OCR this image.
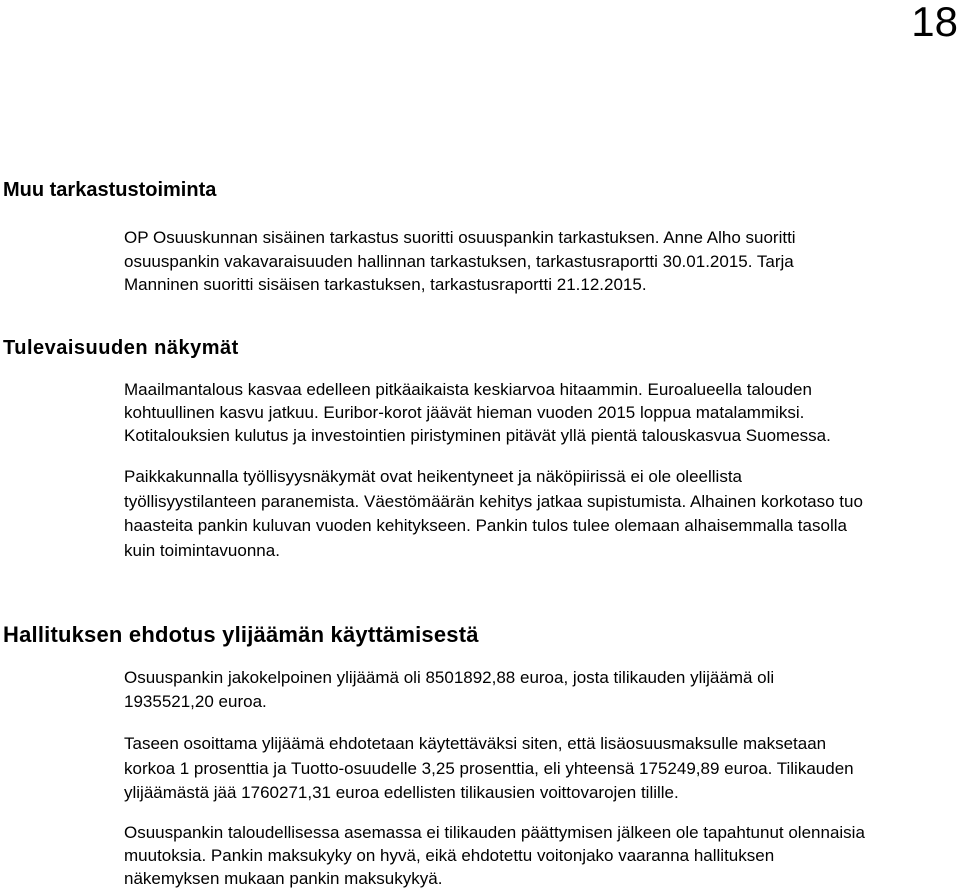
18
Muu tarkastustoiminta

OP Osuuskunnan sisäinen tarkastus suoritti osuuspankin tarkastuksen. Anne Alho suoritti
osuuspankin vakavaraisuuden hallinnan tarkastuksen, tarkastusraportti 30.01.2015. Tarja
Manninen suoritti sisäisen tarkastuksen, tarkastusraportti 21.12.2015.

Tulevaisuuden näkymät

Maailmantalous kasvaa edelleen pitkäaikaista keskiarvoa hitaammin. Euroalueella talouden
kohtuullinen kasvu jatkuu. Euribor-korot jäävät hieman vuoden 2015 loppua matalammiksi.
Kotitalouksien kulutus ja investointien piristyminen pitävät yllä pientä talouskasvua Suomessa.

Paikkakunnalla työllisyysnäkymät ovat heikentyneet ja näköpiirissä ei ole oleellista
työllisyystilanteen paranemista. Väestömäärän kehitys jatkaa supistumista. Alhainen korkotaso tuo
haasteita pankin kuluvan vuoden kehitykseen. Pankin tulos tulee olemaan alhaisemmalla tasolla
kuin toimintavuonna.

Hallituksen ehdotus ylijäämän käyttämisestä

Osuuspankin jakokelpoinen ylijäämä oli 8501892,88 euroa, josta tilikauden ylijäämä oli
1935521,20 euroa.

Taseen osoittama ylijäämä ehdotetaan käytettäväksi siten, että lisäosuusmaksulle maksetaan
korkoa 1 prosenttia ja Tuotto-osuudelle 3,25 prosenttia, eli yhteensä 175249,89 euroa. Tilikauden
ylijäämästä jää 1760271,31 euroa edellisten tilikausien voittovarojen tilille.

Osuuspankin taloudellisessa asemassa ei tilikauden päättymisen jälkeen ole tapahtunut olennaisia
muutoksia. Pankin maksukyky on hyvä, eikä ehdotettu voitonjako vaaranna hallituksen
näkemyksen mukaan pankin maksukykyä.
